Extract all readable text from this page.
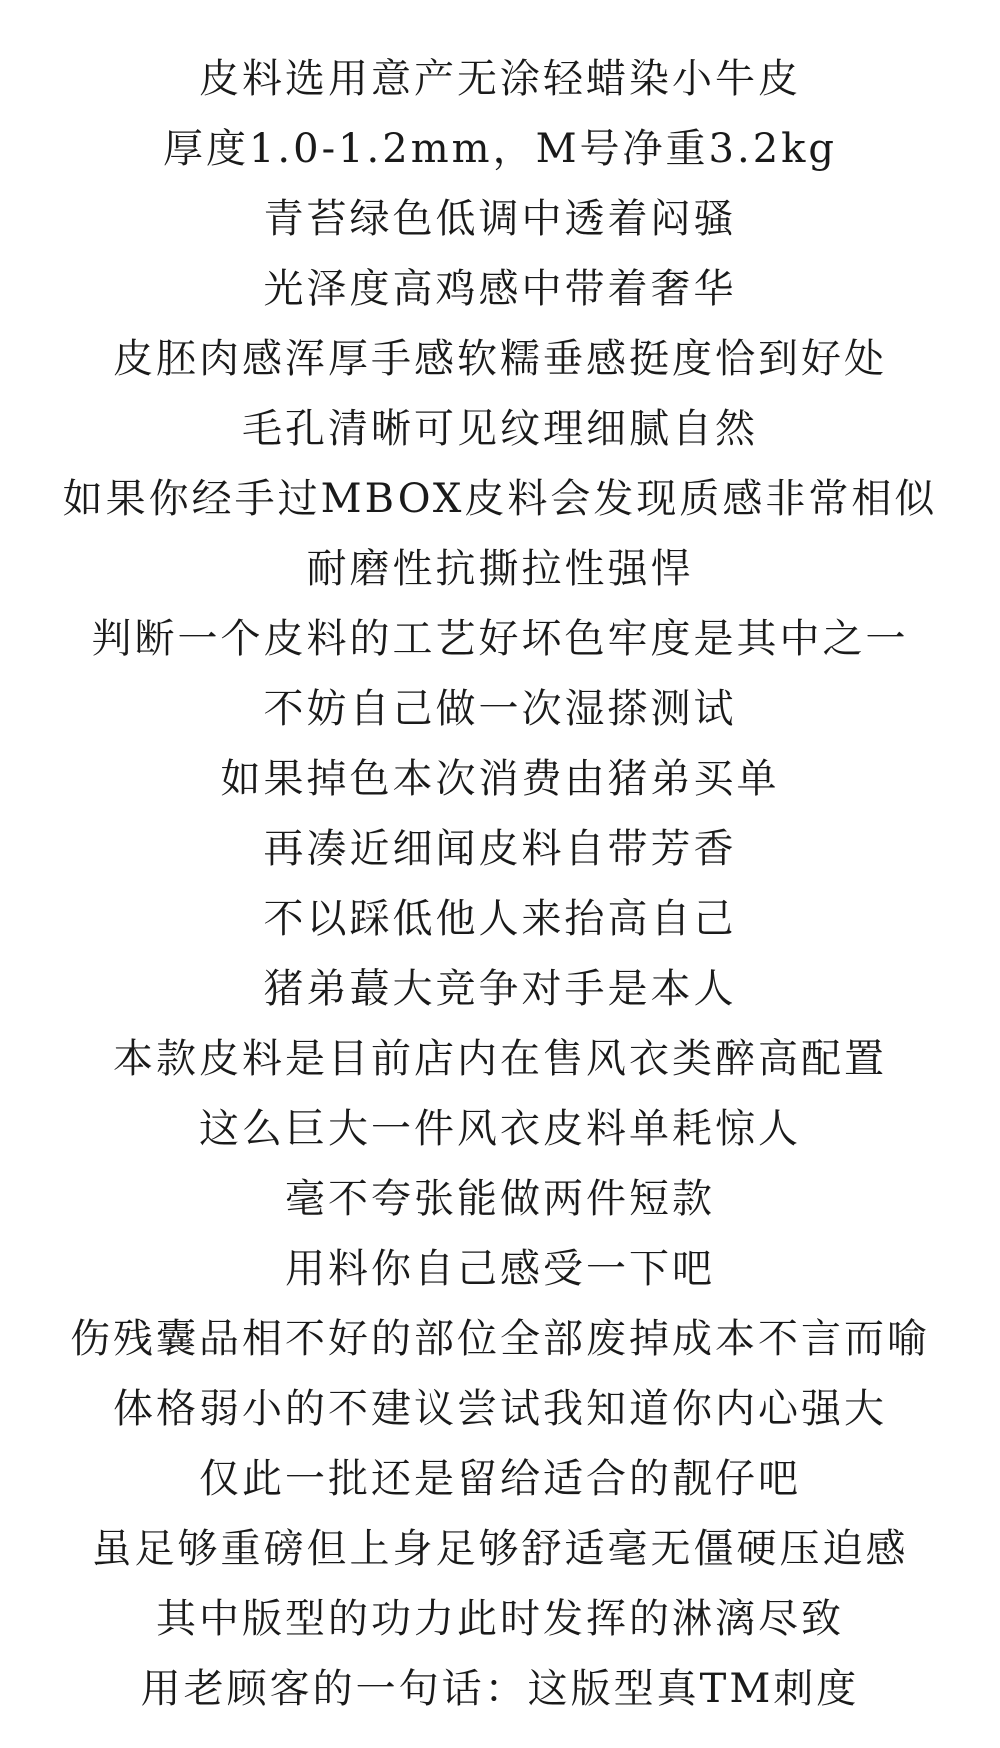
皮料选用意产无涂轻蜡染小牛皮
厚度1.0-1.2mm，M号净重3.2kg
青苔绿色低调中透着闷骚
光泽度高鸡感中带着奢华
皮胚肉感浑厚手感软糯垂感挺度恰到好处
毛孔清晰可见纹理细腻自然
如果你经手过MBOX皮料会发现质感非常相似
耐磨性抗撕拉性强悍
判断一个皮料的工艺好坏色牢度是其中之一
不妨自己做一次湿搽测试
如果掉色本次消费由猪弟买单
再凑近细闻皮料自带芳香
不以踩低他人来抬高自己
猪弟蕞大竞争对手是本人
本款皮料是目前店内在售风衣类醉高配置
这么巨大一件风衣皮料单耗惊人
毫不夸张能做两件短款
用料你自己感受一下吧
伤残囊品相不好的部位全部废掉成本不言而喻
体格弱小的不建议尝试我知道你内心强大
仅此一批还是留给适合的靓仔吧
虽足够重磅但上身足够舒适毫无僵硬压迫感
其中版型的功力此时发挥的淋漓尽致
用老顾客的一句话：这版型真TM刺度
